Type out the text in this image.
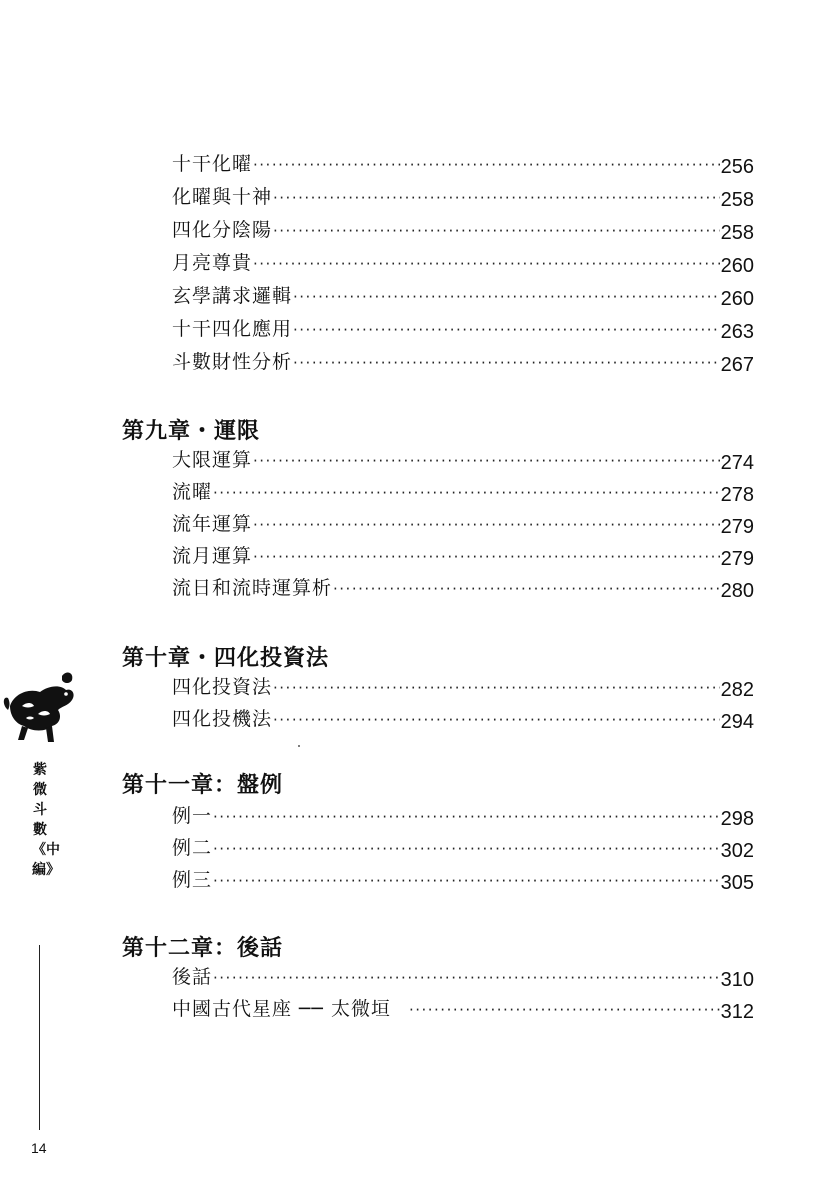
十干化曜 ·····	256
化曜與十神 ·····	258
四化分陰陽 ·····	258
月亮尊貴 ·····	260
玄學講求邏輯 ·····	260
十干四化應用 ·····	263
斗數財性分析 ·····	267
第九章・運限
大限運算 ·····	274
流曜 ·····	278
流年運算 ·····	279
流月運算 ·····	279
流日和流時運算析 ·····	280
第十章・四化投資法
四化投資法 ·····	282
四化投機法 ·····	294
第十一章：盤例
例一 ·····	298
例二 ·····	302
例三 ·····	305
第十二章：後話
後話 ·····	310
中國古代星座 ── 太微垣 ·····	312
紫微斗數《中編》
14
